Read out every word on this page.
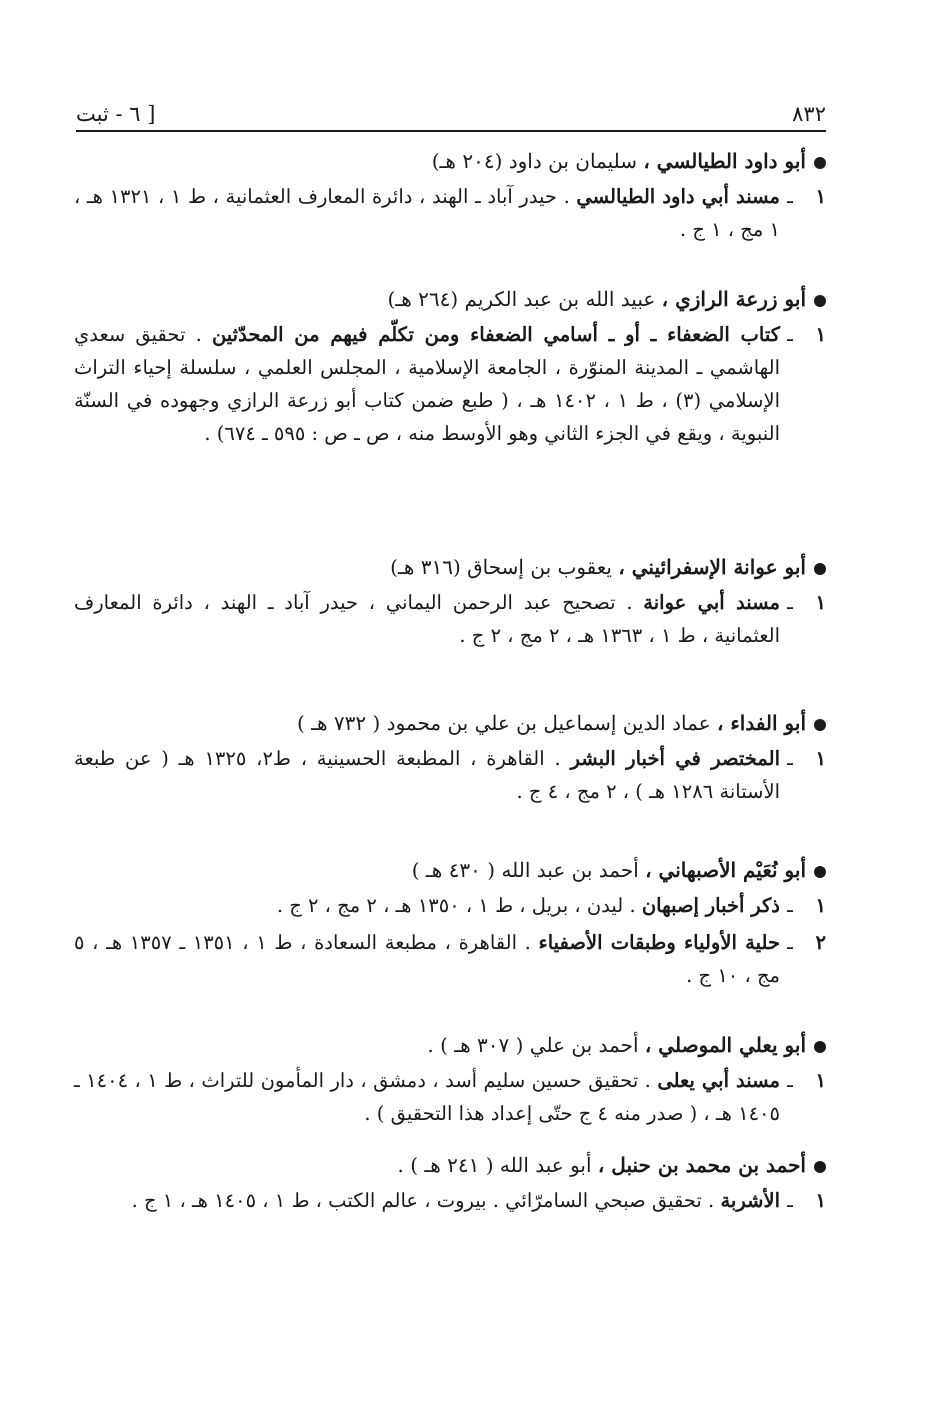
٨٣٢
[ ٦ - ثبت
أبو داود الطيالسي ، سليمان بن داود (٢٠٤ هـ)
١
ـ
مسند أبي داود الطيالسي . حيدر آباد ـ الهند ، دائرة المعارف العثمانية ، ط ١ ، ١٣٢١ هـ ، ١ مج ، ١ ج .
أبو زرعة الرازي ، عبيد الله بن عبد الكريم (٢٦٤ هـ)
١
ـ
كتاب الضعفاء ـ أو ـ أسامي الضعفاء ومن تكلّم فيهم من المحدّثين . تحقيق سعدي الهاشمي ـ المدينة المنوّرة ، الجامعة الإسلامية ، المجلس العلمي ، سلسلة إحياء التراث الإسلامي (٣) ، ط ١ ، ١٤٠٢ هـ ، ( طبع ضمن كتاب أبو زرعة الرازي وجهوده في السنّة النبوية ، ويقع في الجزء الثاني وهو الأوسط منه ، ص ـ ص : ٥٩٥ ـ ٦٧٤) .
أبو عوانة الإسفرائيني ، يعقوب بن إسحاق (٣١٦ هـ)
١
ـ
مسند أبي عوانة . تصحيح عبد الرحمن اليماني ، حيدر آباد ـ الهند ، دائرة المعارف العثمانية ، ط ١ ، ١٣٦٣ هـ ، ٢ مج ، ٢ ج .
أبو الفداء ، عماد الدين إسماعيل بن علي بن محمود ( ٧٣٢ هـ )
١
ـ
المختصر في أخبار البشر . القاهرة ، المطبعة الحسينية ، ط٢، ١٣٢٥ هـ ( عن طبعة الأستانة ١٢٨٦ هـ ) ، ٢ مج ، ٤ ج .
أبو نُعَيْم الأصبهاني ، أحمد بن عبد الله ( ٤٣٠ هـ )
١
ـ
ذكر أخبار إصبهان . ليدن ، بريل ، ط ١ ، ١٣٥٠ هـ ، ٢ مج ، ٢ ج .
٢
ـ
حلية الأولياء وطبقات الأصفياء . القاهرة ، مطبعة السعادة ، ط ١ ، ١٣٥١ ـ ١٣٥٧ هـ ، ٥ مج ، ١٠ ج .
أبو يعلي الموصلي ، أحمد بن علي ( ٣٠٧ هـ ) .
١
ـ
مسند أبي يعلى . تحقيق حسين سليم أسد ، دمشق ، دار المأمون للتراث ، ط ١ ، ١٤٠٤ ـ ١٤٠٥ هـ ، ( صدر منه ٤ ج حتّى إعداد هذا التحقيق ) .
أحمد بن محمد بن حنبل ، أبو عبد الله ( ٢٤١ هـ ) .
١
ـ
الأشربة . تحقيق صبحي السامرّائي . بيروت ، عالم الكتب ، ط ١ ، ١٤٠٥ هـ ، ١ ج .
